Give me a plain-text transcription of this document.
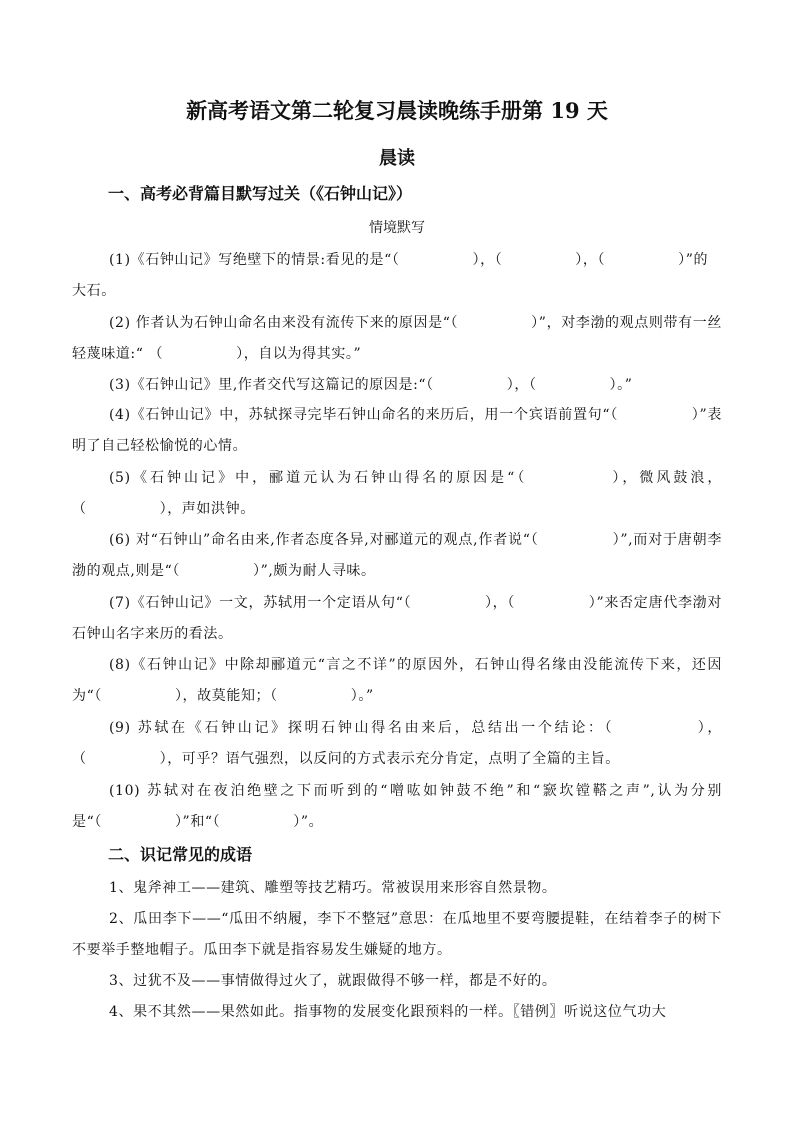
新高考语文第二轮复习晨读晚练手册第 19 天
晨读
一、高考必背篇目默写过关（《石钟山记》）
情境默写

(1)《石钟山记》写绝壁下的情景:看见的是“（　　　　　），（　　　　　），（　　　　　）”的大石。

(2) 作者认为石钟山命名由来没有流传下来的原因是“（　　　　　）”，对李渤的观点则带有一丝轻蔑味道:“ （　　　　　），自以为得其实。”

(3)《石钟山记》里,作者交代写这篇记的原因是:“（　　　　　），（　　　　　）。”

(4)《石钟山记》中，苏轼探寻完毕石钟山命名的来历后，用一个宾语前置句“（　　　　　）”表明了自己轻松愉悦的心情。

(5)《石钟山记》中，郦道元认为石钟山得名的原因是“（　　　　　），微风鼓浪，（　　　　　），声如洪钟。

(6) 对“石钟山”命名由来,作者态度各异,对郦道元的观点,作者说“（　　　　　）”,而对于唐朝李渤的观点,则是“（　　　　　）”,颇为耐人寻味。

(7)《石钟山记》一文，苏轼用一个定语从句“（　　　　　），（　　　　　）”来否定唐代李渤对石钟山名字来历的看法。

(8)《石钟山记》中除却郦道元“言之不详”的原因外，石钟山得名缘由没能流传下来，还因为“（　　　　　），故莫能知；（　　　　　）。”

(9) 苏轼在《石钟山记》探明石钟山得名由来后，总结出一个结论：（　　　　　），（　　　　　），可乎？语气强烈，以反问的方式表示充分肯定，点明了全篇的主旨。

(10) 苏轼对在夜泊绝壁之下而听到的“噌吰如钟鼓不绝”和“窾坎镗鞳之声”,认为分别是“（　　　　　）”和“（　　　　　）”。

二、识记常见的成语

1、鬼斧神工——建筑、雕塑等技艺精巧。常被误用来形容自然景物。

2、瓜田李下——“瓜田不纳履，李下不整冠”意思：在瓜地里不要弯腰提鞋，在结着李子的树下不要举手整地帽子。瓜田李下就是指容易发生嫌疑的地方。

3、过犹不及——事情做得过火了，就跟做得不够一样，都是不好的。

4、果不其然——果然如此。指事物的发展变化跟预料的一样。〖错例〗听说这位气功大
